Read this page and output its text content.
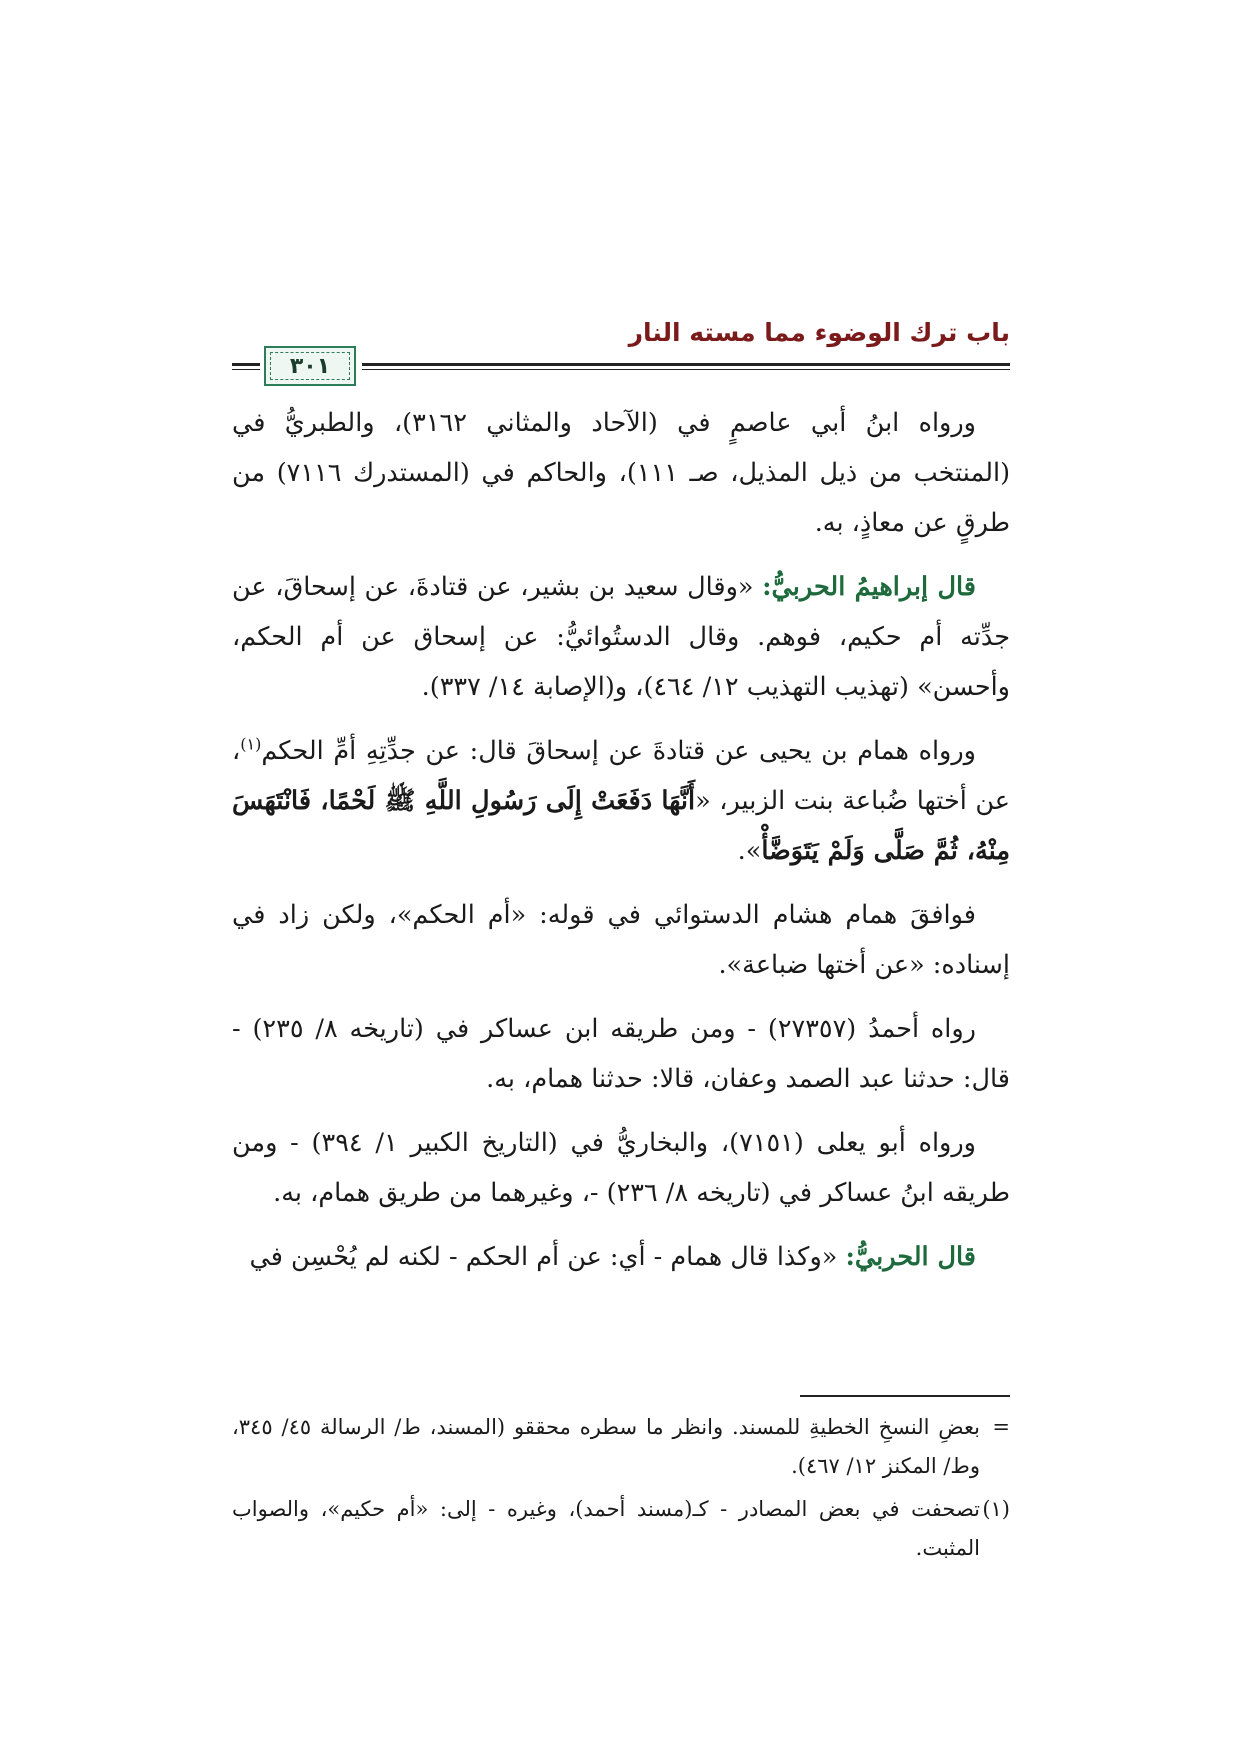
باب ترك الوضوء مما مسته النار
٣٠١

ورواه ابنُ أبي عاصمٍ في (الآحاد والمثاني ٣١٦٢)، والطبريُّ في (المنتخب من ذيل المذيل، صـ ١١١)، والحاكم في (المستدرك ٧١١٦) من طرقٍ عن معاذٍ، به.

قال إبراهيمُ الحربيُّ: «وقال سعيد بن بشير، عن قتادةَ، عن إسحاقَ، عن جدِّته أم حكيم، فوهم. وقال الدستُوائيُّ: عن إسحاق عن أم الحكم، وأحسن» (تهذيب التهذيب ١٢/ ٤٦٤)، و(الإصابة ١٤/ ٣٣٧).

ورواه همام بن يحيى عن قتادةَ عن إسحاقَ قال: عن جدِّتِهِ أمِّ الحكم$^{(١)}$، عن أختها ضُباعة بنت الزبير، «أَنَّهَا دَفَعَتْ إِلَى رَسُولِ اللَّهِ ﷺ لَحْمًا، فَانْتَهَسَ مِنْهُ، ثُمَّ صَلَّى وَلَمْ يَتَوَضَّأْ».

فوافقَ همام هشام الدستوائي في قوله: «أم الحكم»، ولكن زاد في إسناده: «عن أختها ضباعة».

رواه أحمدُ (٢٧٣٥٧) - ومن طريقه ابن عساكر في (تاريخه ٨/ ٢٣٥) - قال: حدثنا عبد الصمد وعفان، قالا: حدثنا همام، به.

ورواه أبو يعلى (٧١٥١)، والبخاريُّ في (التاريخ الكبير ١/ ٣٩٤) - ومن طريقه ابنُ عساكر في (تاريخه ٨/ ٢٣٦) -، وغيرهما من طريق همام، به.

قال الحربيُّ: «وكذا قال همام - أي: عن أم الحكم - لكنه لم يُحْسِن في

=
بعضِ النسخِ الخطيةِ للمسند. وانظر ما سطره محققو (المسند، ط/ الرسالة ٤٥/ ٣٤٥، وط/ المكنز ١٢/ ٤٦٧).

(١)
تصحفت في بعض المصادر - كـ(مسند أحمد)، وغيره - إلى: «أم حكيم»، والصواب المثبت.
